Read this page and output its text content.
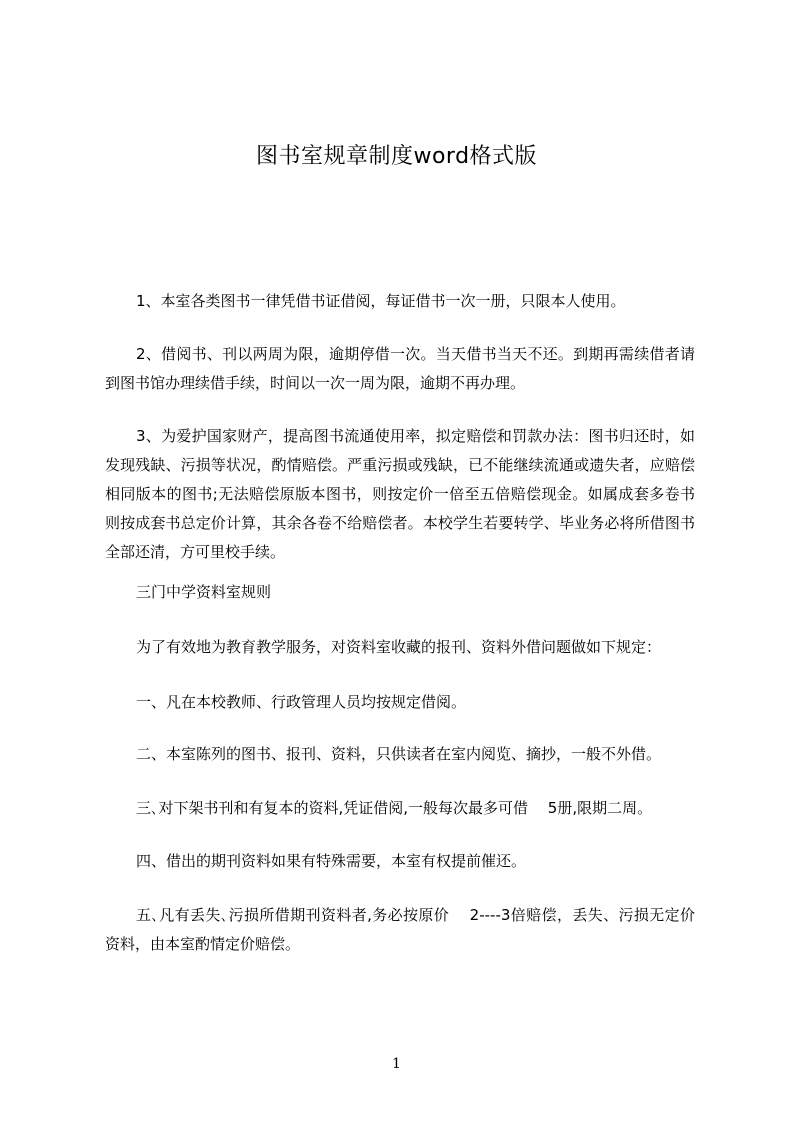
图书室规章制度word格式版

1、本室各类图书一律凭借书证借阅，每证借书一次一册，只限本人使用。

2、借阅书、刊以两周为限，逾期停借一次。当天借书当天不还。到期再需续借者请到图书馆办理续借手续，时间以一次一周为限，逾期不再办理。

3、为爱护国家财产，提高图书流通使用率，拟定赔偿和罚款办法：图书归还时，如发现残缺、污损等状况，酌情赔偿。严重污损或残缺，已不能继续流通或遗失者，应赔偿相同版本的图书;无法赔偿原版本图书，则按定价一倍至五倍赔偿现金。如属成套多卷书则按成套书总定价计算，其余各卷不给赔偿者。本校学生若要转学、毕业务必将所借图书全部还清，方可里校手续。

三门中学资料室规则

为了有效地为教育教学服务，对资料室收藏的报刊、资料外借问题做如下规定：

一、凡在本校教师、行政管理人员均按规定借阅。

二、本室陈列的图书、报刊、资料，只供读者在室内阅览、摘抄，一般不外借。

三､对下架书刊和有复本的资料,凭证借阅,一般每次最多可借　 5册,限期二周。

四、借出的期刊资料如果有特殊需要，本室有权提前催还。

五､凡有丢失､污损所借期刊资料者,务必按原价　 2----3倍赔偿，丢失、污损无定价资料，由本室酌情定价赔偿。

1
